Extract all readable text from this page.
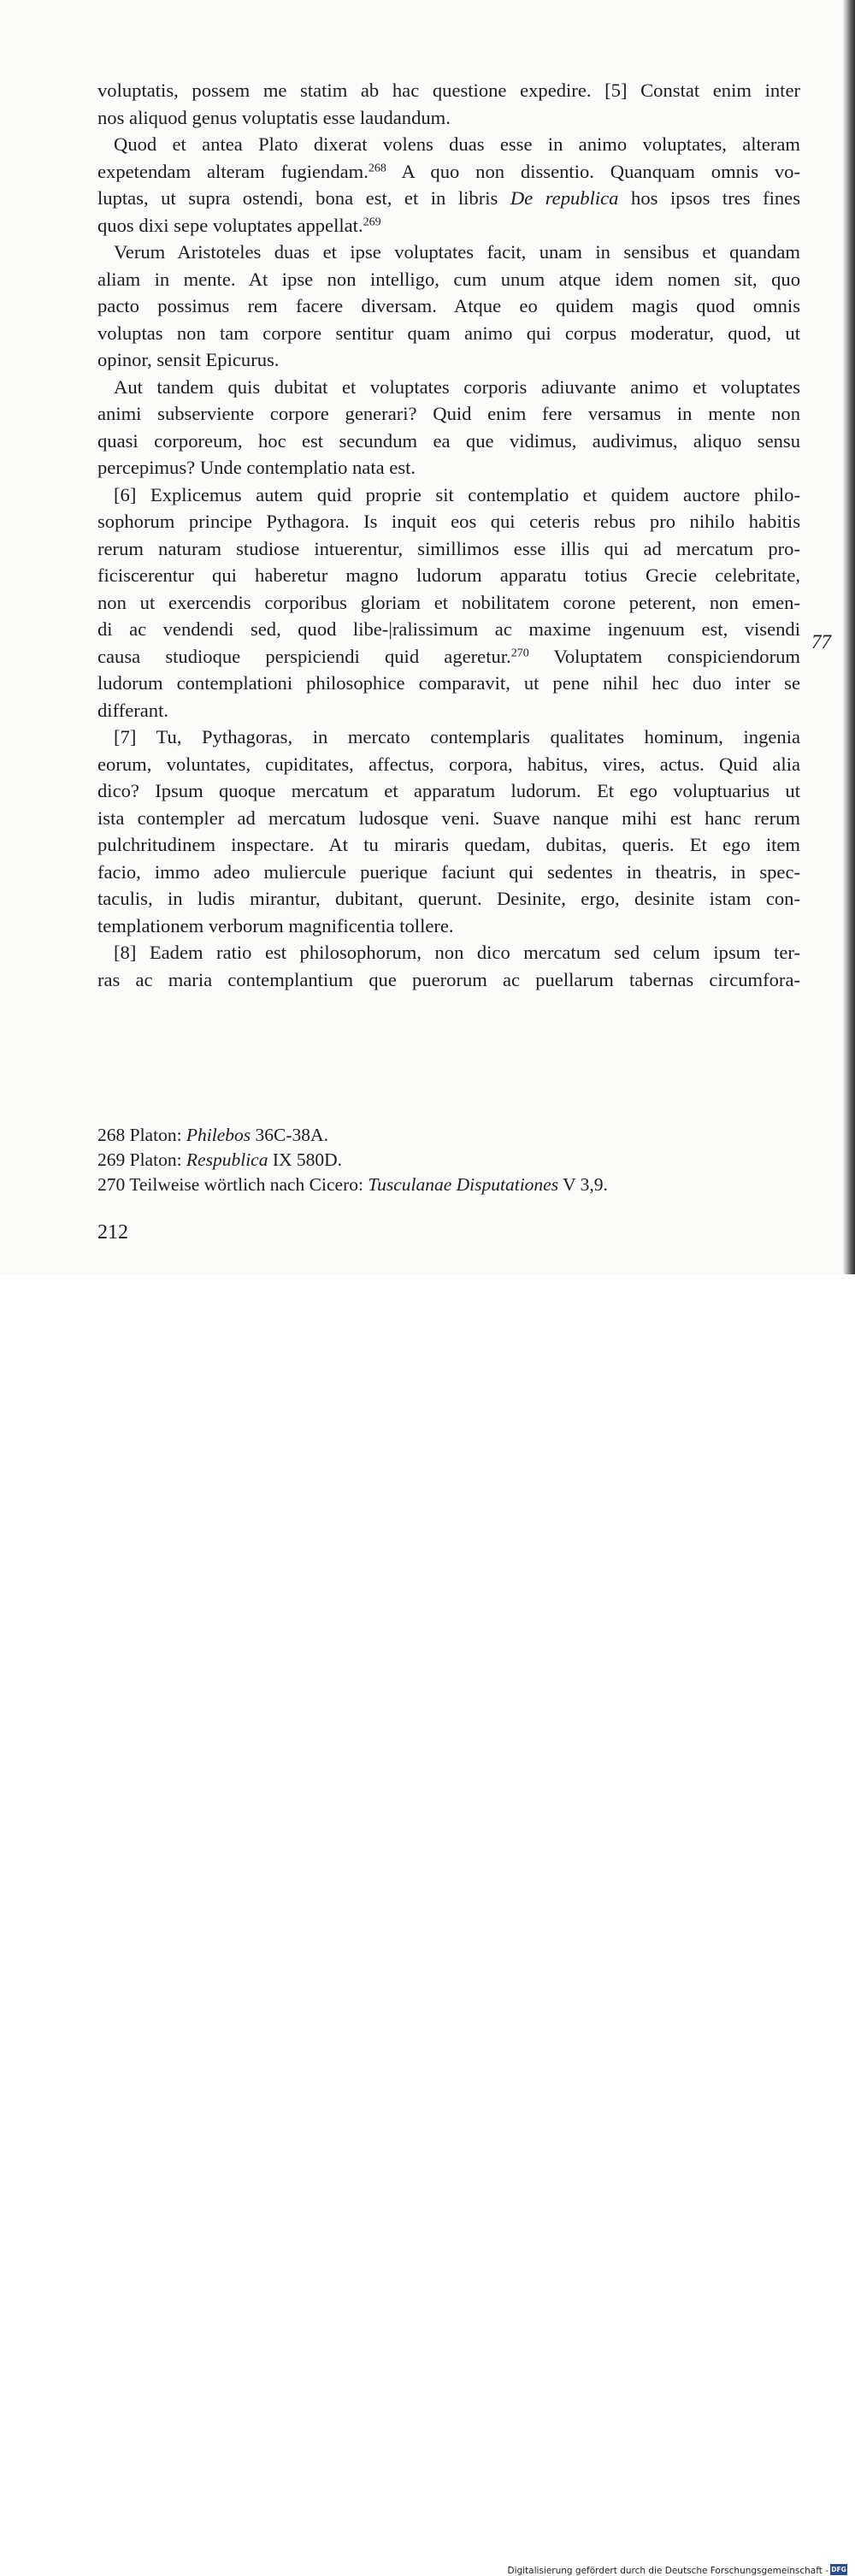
voluptatis, possem me statim ab hac questione expedire. [5] Constat enim inter
nos aliquod genus voluptatis esse laudandum.

Quod et antea Plato dixerat volens duas esse in animo voluptates, alteram
expetendam alteram fugiendam.$^{268}$ A quo non dissentio. Quanquam omnis vo-
luptas, ut supra ostendi, bona est, et in libris De republica hos ipsos tres fines
quos dixi sepe voluptates appellat.$^{269}$

Verum Aristoteles duas et ipse voluptates facit, unam in sensibus et quandam
aliam in mente. At ipse non intelligo, cum unum atque idem nomen sit, quo
pacto possimus rem facere diversam. Atque eo quidem magis quod omnis
voluptas non tam corpore sentitur quam animo qui corpus moderatur, quod, ut
opinor, sensit Epicurus.

Aut tandem quis dubitat et voluptates corporis adiuvante animo et voluptates
animi subserviente corpore generari? Quid enim fere versamus in mente non
quasi corporeum, hoc est secundum ea que vidimus, audivimus, aliquo sensu
percepimus? Unde contemplatio nata est.

[6] Explicemus autem quid proprie sit contemplatio et quidem auctore philo-
sophorum principe Pythagora. Is inquit eos qui ceteris rebus pro nihilo habitis
rerum naturam studiose intuerentur, simillimos esse illis qui ad mercatum pro-
ficiscerentur qui haberetur magno ludorum apparatu totius Grecie celebritate,
non ut exercendis corporibus gloriam et nobilitatem corone peterent, non emen-
di ac vendendi sed, quod libe-|ralissimum ac maxime ingenuum est, visendi
causa studioque perspiciendi quid ageretur.$^{270}$ Voluptatem conspiciendorum
ludorum contemplationi philosophice comparavit, ut pene nihil hec duo inter se
differant.

[7] Tu, Pythagoras, in mercato contemplaris qualitates hominum, ingenia
eorum, voluntates, cupiditates, affectus, corpora, habitus, vires, actus. Quid alia
dico? Ipsum quoque mercatum et apparatum ludorum. Et ego voluptuarius ut
ista contempler ad mercatum ludosque veni. Suave nanque mihi est hanc rerum
pulchritudinem inspectare. At tu miraris quedam, dubitas, queris. Et ego item
facio, immo adeo muliercule puerique faciunt qui sedentes in theatris, in spec-
taculis, in ludis mirantur, dubitant, querunt. Desinite, ergo, desinite istam con-
templationem verborum magnificentia tollere.

[8] Eadem ratio est philosophorum, non dico mercatum sed celum ipsum ter-
ras ac maria contemplantium que puerorum ac puellarum tabernas circumfora-

77
268 Platon: Philebos 36C-38A.
269 Platon: Respublica IX 580D.
270 Teilweise wörtlich nach Cicero: Tusculanae Disputationes V 3,9.
212
Digitalisierung gefördert durch die Deutsche Forschungsgemeinschaft - DFG
